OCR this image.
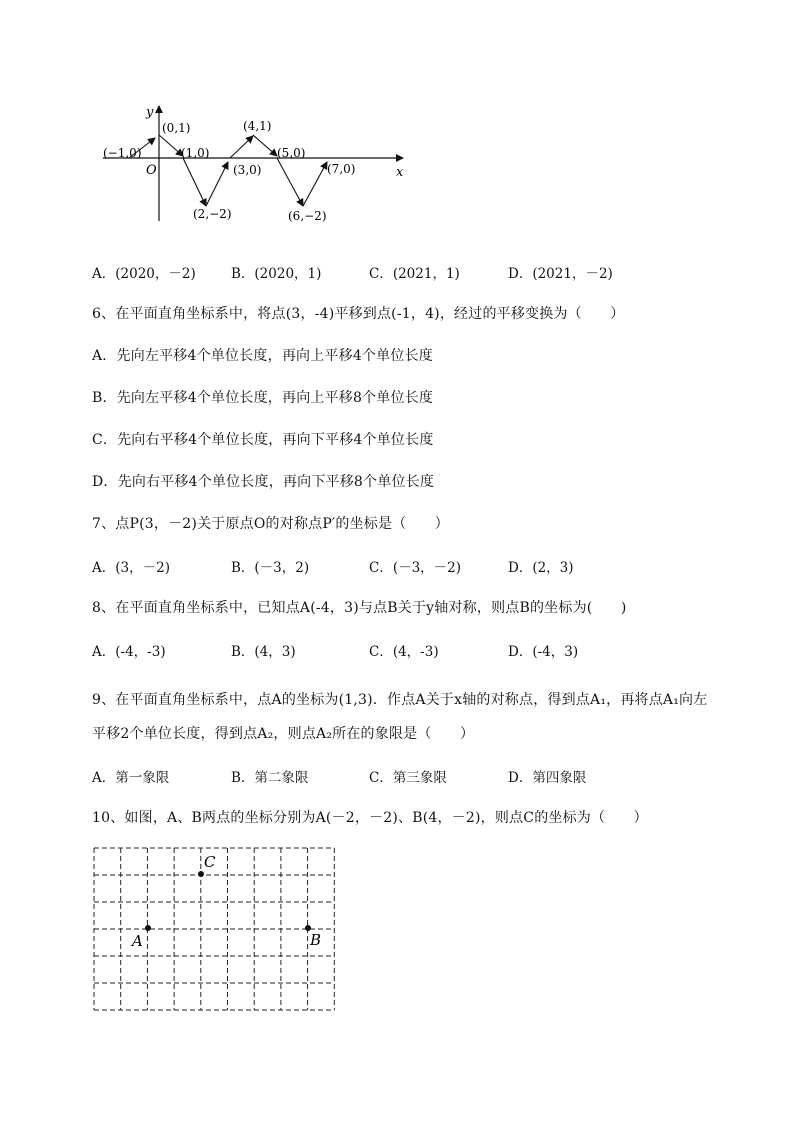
y
x
O
(−1,0)
(0,1)
(1,0)
(2,−2)
(3,0)
(4,1)
(5,0)
(6,−2)
(7,0)
A．(2020，－2)	B．(2020，1)	C．(2021，1)	D．(2021，－2)
6、在平面直角坐标系中，将点(3，-4)平移到点(-1，4)，经过的平移变换为（　　）
A．先向左平移4个单位长度，再向上平移4个单位长度
B．先向左平移4个单位长度，再向上平移8个单位长度
C．先向右平移4个单位长度，再向下平移4个单位长度
D．先向右平移4个单位长度，再向下平移8个单位长度
7、点P(3，－2)关于原点O的对称点P′的坐标是（　　）
A．(3，－2)	B．(－3，2)	C．(－3，－2)	D．(2，3)
8、在平面直角坐标系中，已知点A(-4，3)与点B关于y轴对称，则点B的坐标为(　　)
A．(-4，-3)	B．(4，3)	C．(4，-3)	D．(-4，3)
9、在平面直角坐标系中，点A的坐标为(1,3)．作点A关于x轴的对称点，得到点A₁，再将点A₁向左
平移2个单位长度，得到点A₂，则点A₂所在的象限是（　　）
A．第一象限	B．第二象限	C．第三象限	D．第四象限
10、如图，A、B两点的坐标分别为A(－2，－2)、B(4，－2)，则点C的坐标为（　　）
A	B
C
